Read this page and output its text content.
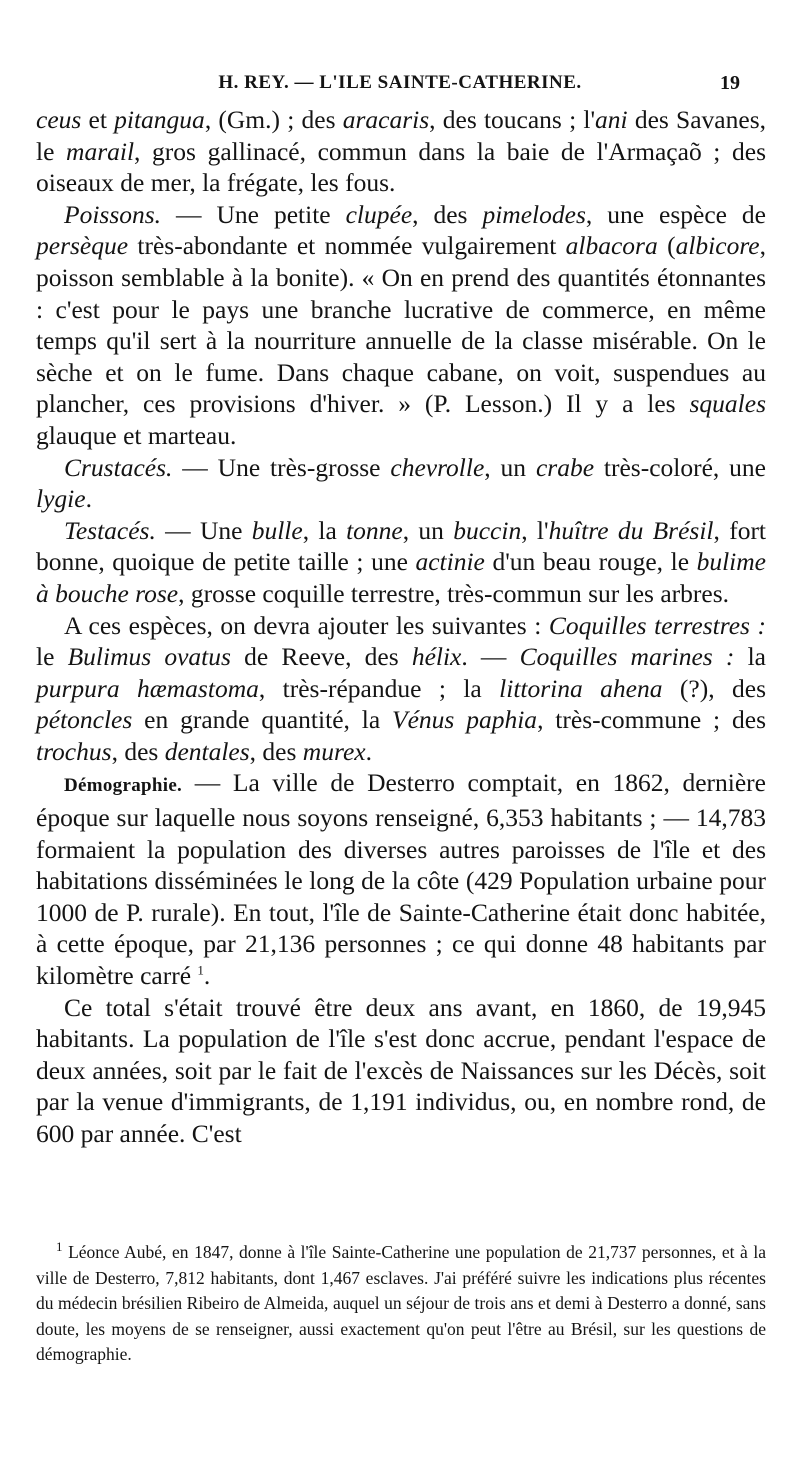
H. REY. — L'ILE SAINTE-CATHERINE.	19

ceus et pitangua, (Gm.) ; des aracaris, des toucans ; l'ani des Savanes, le marail, gros gallinacé, commun dans la baie de l'Armaçaõ ; des oiseaux de mer, la frégate, les fous.

Poissons. — Une petite clupée, des pimelodes, une espèce de persèque très-abondante et nommée vulgairement albacora (albicore, poisson semblable à la bonite). « On en prend des quantités étonnantes : c'est pour le pays une branche lucrative de commerce, en même temps qu'il sert à la nourriture annuelle de la classe misérable. On le sèche et on le fume. Dans chaque cabane, on voit, suspendues au plancher, ces provisions d'hiver. » (P. Lesson.) Il y a les squales glauque et marteau.

Crustacés. — Une très-grosse chevrolle, un crabe très-coloré, une lygie.

Testacés. — Une bulle, la tonne, un buccin, l'huître du Brésil, fort bonne, quoique de petite taille ; une actinie d'un beau rouge, le bulime à bouche rose, grosse coquille terrestre, très-commun sur les arbres.

A ces espèces, on devra ajouter les suivantes : Coquilles terrestres : le Bulimus ovatus de Reeve, des hélix. — Coquilles marines : la purpura hæmastoma, très-répandue ; la littorina ahena (?), des pétoncles en grande quantité, la Vénus paphia, très-commune ; des trochus, des dentales, des murex.

Démographie. — La ville de Desterro comptait, en 1862, dernière époque sur laquelle nous soyons renseigné, 6,353 habitants ; — 14,783 formaient la population des diverses autres paroisses de l'île et des habitations disséminées le long de la côte (429 Population urbaine pour 1000 de P. rurale). En tout, l'île de Sainte-Catherine était donc habitée, à cette époque, par 21,136 personnes ; ce qui donne 48 habitants par kilomètre carré $^1$.

Ce total s'était trouvé être deux ans avant, en 1860, de 19,945 habitants. La population de l'île s'est donc accrue, pendant l'espace de deux années, soit par le fait de l'excès de Naissances sur les Décès, soit par la venue d'immigrants, de 1,191 individus, ou, en nombre rond, de 600 par année. C'est

$^1$ Léonce Aubé, en 1847, donne à l'île Sainte-Catherine une population de 21,737 personnes, et à la ville de Desterro, 7,812 habitants, dont 1,467 esclaves. J'ai préféré suivre les indications plus récentes du médecin brésilien Ribeiro de Almeida, auquel un séjour de trois ans et demi à Desterro a donné, sans doute, les moyens de se renseigner, aussi exactement qu'on peut l'être au Brésil, sur les questions de démographie.
